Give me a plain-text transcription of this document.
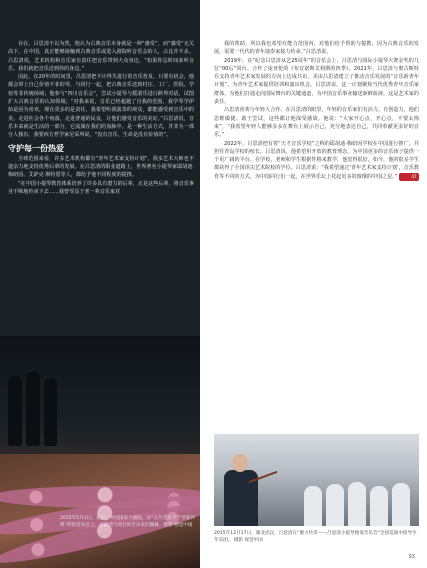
存在。吕思清不以为然，他认为古典音乐本身就是一种“感受”，而“感受”无关高下。在中国，真正能够接触到古典音乐或进入剧院听音乐会的人，占比并不多。吕思清说，艺术机构和音乐家有责任把音乐带到大众身边，“如果你总时间来听音乐，我们就把音乐送到你的身边。”

因此，在20年的时间里，吕思清把不计得失进行着音乐普及。只要有机会，他都会带上自己价值不菲的琴，与同行一起，把古典音乐送到村庄、工厂、医院、学校等非传统场域；他参与“四川音乐会”，尝试小提琴与摇滚乐进行跨界对话，试图扩大古典音乐的认知领域；“对我来说，音乐已经超越了自我的范围，我学琴学伊始是因为喜欢，现在更多的是责任。我希望听我演奏的观众，都能感受到音乐中的美。走进社会各个角落，走进普通的民众，让他们感受音乐的美好。”吕思清说，音乐本来就是生活的一部分，它流淌在我们的血脉中。是一种生活方式，并非为一部分人独有。我要西方哲学家尼采所说，“没有音乐，生命是没有价值的”。

守护每一份热爱

全球范围来看，许多艺术机构都有“青年艺术家支持计划”，很多艺术大师也不遗余力地支持优秀后辈的发展。在吕思清的职业道路上，世界著名小提琴家耶胡迪·梅纽因、艾萨克·斯特恩等人，都给予他不同程度的提携。

“在中国小提琴教育体系培养了许多具有潜力的后辈，正是这些后辈，将音乐事业不断地传承下去……我曾受益于老一辈音乐家对

2025年5月1日，北京，中国国家大剧院，在“五月音乐节”“琴弦共鸣”特别音乐会上，吕思清与同台的音乐家们谢幕。摄影 视觉中国

我的帮助，所以我也希望在能力范围内，对他们给予帮助与提携。因为古典音乐的发展，需要一代代的青年演奏家接力传承。”吕思清说。

2019年，在“纪念吕思清从艺25周年”的音乐会上，吕思清与国际小提琴大赛金奖的几位“00后”同台。合作了庞亚伦的《布宜诺斯艾利斯的四季》。2021年，吕思清与奥古斯特在支持青年艺术家发展的方向上达成共识，美由吕思清建立了推动音乐发展的“音乐新青年计划”，为青年艺术家提供培训和演出机会。吕思清说，这一计划聚焦当代优秀青年音乐家群体，为他们打通走向国际舞台的关键通道，为中国音乐事业输送新鲜血液，这是艺术家的责任。

吕思清喜欢与年轻人合作。在吕思清的眼里，年轻的音乐家们有活力、有创造力，他们思维敏捷、敢于尝试，这些都让他深受感染。他说：“大家开心点，开心点，不要太拘束”，“我希望年轻人能够多多在舞台上展示自己，充分地表达自己，共同奉献更多好的音乐。”

2022年，吕思清把有着“天才音乐学校”之称的耶胡迪·梅纽因学校在中国进行推广，并担任青岛学校的校长。吕思清说，他希望用开放的教育理念，为中国更多的音乐孩子提供一个更广阔的平台。在学校，老师和学生根据性格来教学，他觉得很好，如今，他的很多学生都获得了全国顶尖艺术院校的学位，吕思清说：“我希望通过‘青年艺术家支持计划’，音乐教育等不同的方式，为中国同行们一起，在世界乐坛上托起更多的璀璨的中国之星。”	47

2015年12月17日，湖北武汉，吕思清在“聚力传奇——吕思清小提琴独奏音乐会”全国巡演中指导少年乐团。 摄影 视觉中国
93
